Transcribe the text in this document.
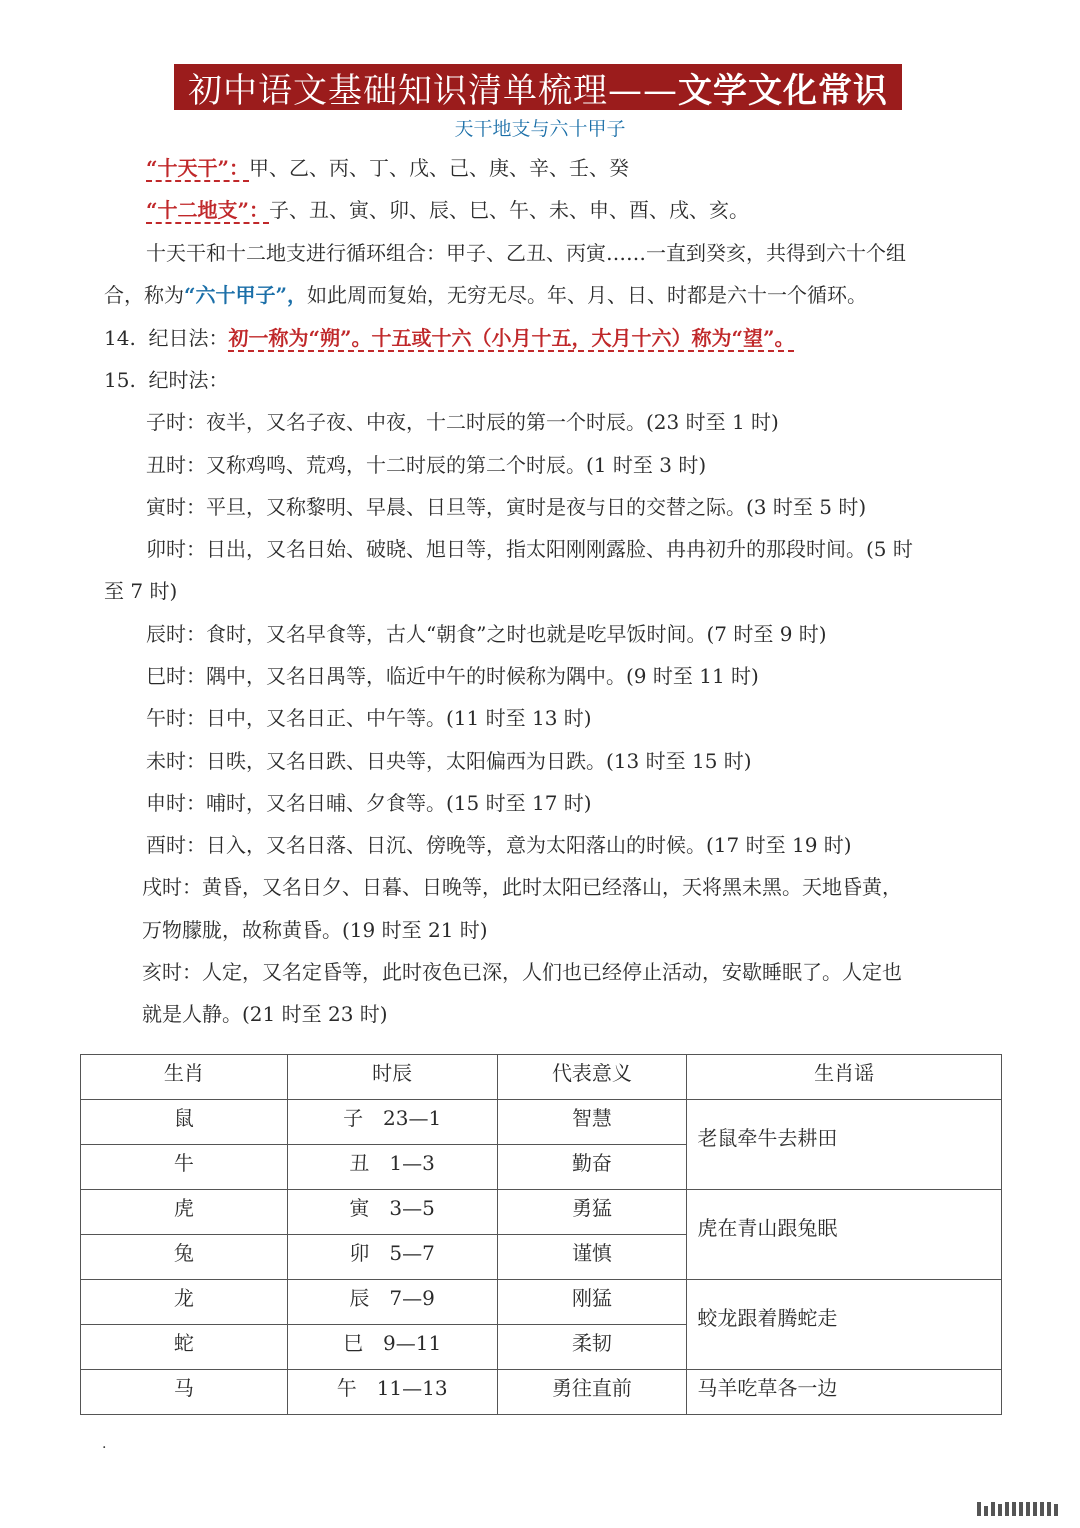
初中语文基础知识清单梳理—— 文学文化常识
天干地支与六十甲子
“十天干”：甲、乙、丙、丁、戊、己、庚、辛、壬、癸
“十二地支”：子、丑、寅、卯、辰、巳、午、未、申、酉、戌、亥。
十天干和十二地支进行循环组合：甲子、乙丑、丙寅……一直到癸亥，共得到六十个组
合，称为“六十甲子”，如此周而复始，无穷无尽。年、月、日、时都是六十一个循环。
14. 纪日法：初一称为“朔”。十五或十六（小月十五，大月十六）称为“望”。
15. 纪时法：
子时：夜半，又名子夜、中夜，十二时辰的第一个时辰。(23 时至 1 时)
丑时：又称鸡鸣、荒鸡，十二时辰的第二个时辰。(1 时至 3 时)
寅时：平旦，又称黎明、早晨、日旦等，寅时是夜与日的交替之际。(3 时至 5 时)
卯时：日出，又名日始、破晓、旭日等，指太阳刚刚露脸、冉冉初升的那段时间。(5 时
至 7 时)
辰时：食时，又名早食等，古人“朝食”之时也就是吃早饭时间。(7 时至 9 时)
巳时：隅中，又名日禺等，临近中午的时候称为隅中。(9 时至 11 时)
午时：日中，又名日正、中午等。(11 时至 13 时)
未时：日昳，又名日跌、日央等，太阳偏西为日跌。(13 时至 15 时)
申时：哺时，又名日晡、夕食等。(15 时至 17 时)
酉时：日入，又名日落、日沉、傍晚等，意为太阳落山的时候。(17 时至 19 时)
戌时：黄昏，又名日夕、日暮、日晚等，此时太阳已经落山，天将黑未黑。天地昏黄，
万物朦胧，故称黄昏。(19 时至 21 时)
亥时：人定，又名定昏等，此时夜色已深，人们也已经停止活动，安歇睡眠了。人定也
就是人静。(21 时至 23 时)
生肖	时辰	代表意义	生肖谣
鼠	子　23—1	智慧	老鼠牵牛去耕田
牛	丑　1—3	勤奋	
虎	寅　3—5	勇猛	虎在青山跟兔眠
兔	卯　5—7	谨慎	
龙	辰　7—9	刚猛	蛟龙跟着腾蛇走
蛇	巳　9—11	柔韧	
马	午　11—13	勇往直前	马羊吃草各一边
.
